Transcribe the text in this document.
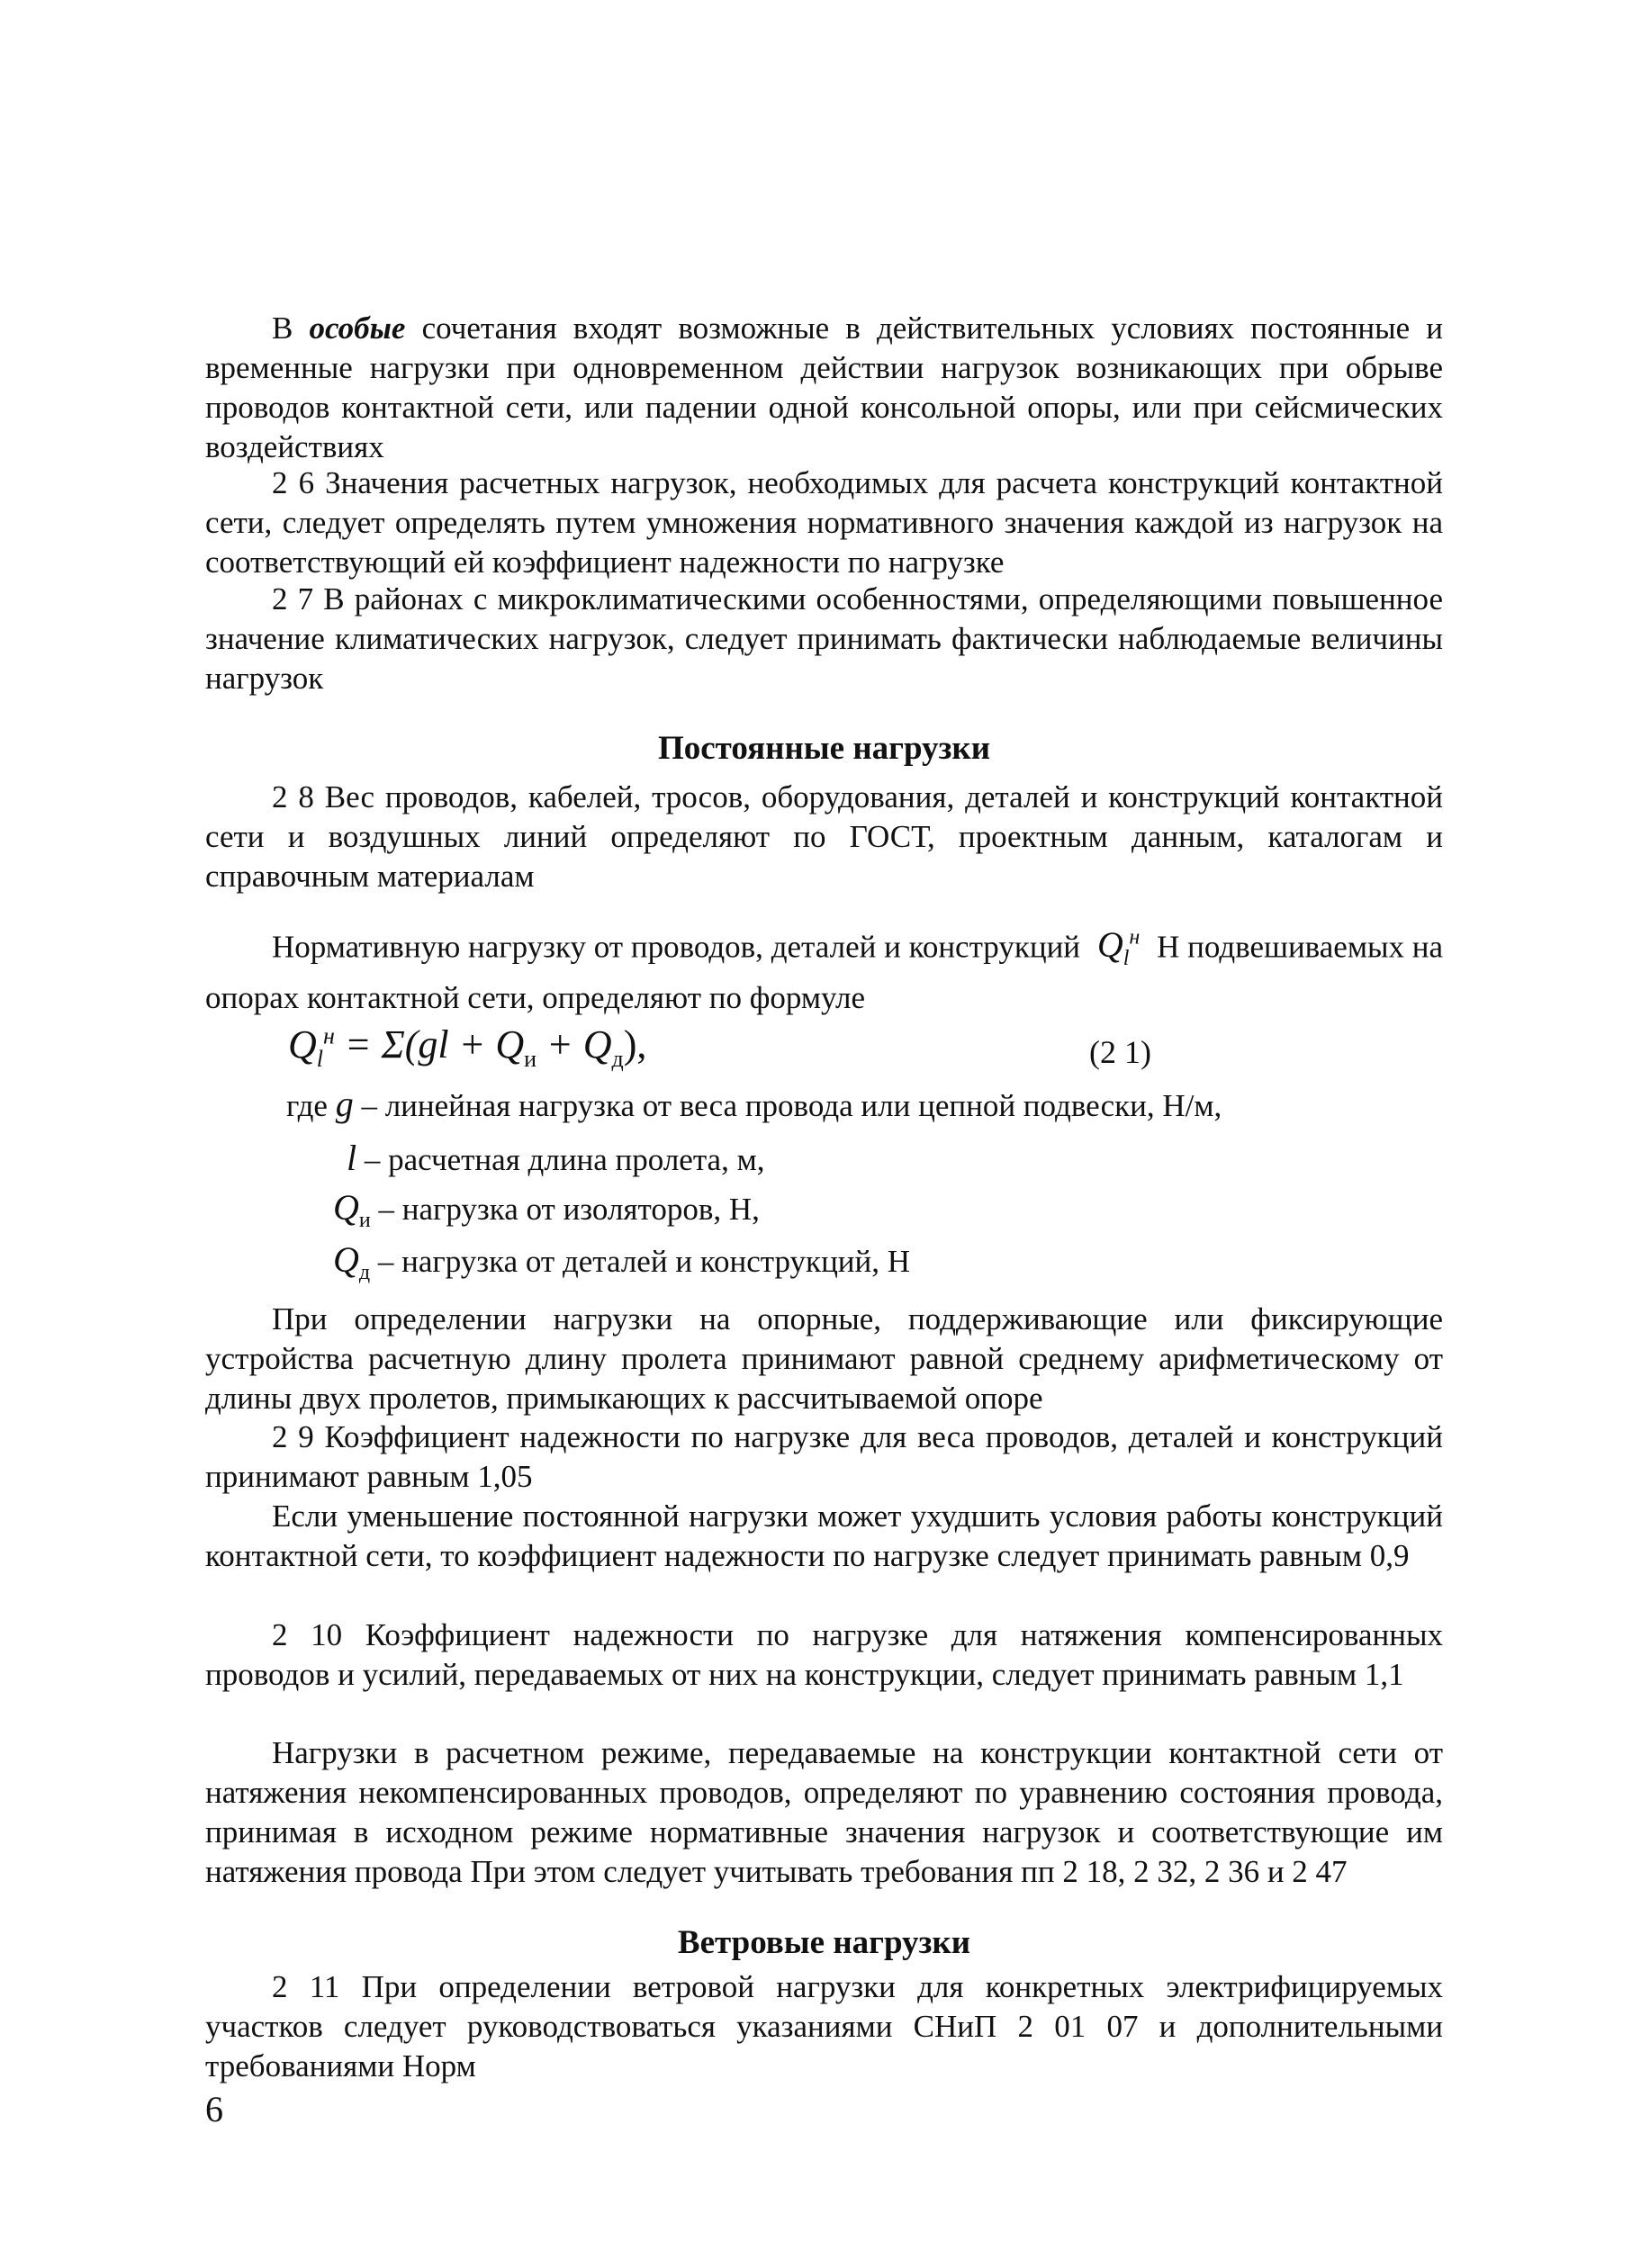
В особые сочетания входят возможные в действительных условиях постоянные и временные нагрузки при одновременном действии нагрузок возникающих при обрыве проводов контактной сети, или падении одной консольной опоры, или при сейсмических воздействиях

2 6 Значения расчетных нагрузок, необходимых для расчета конструкций контактной сети, следует определять путем умножения нормативного значения каждой из нагрузок на соответствующий ей коэффициент надежности по нагрузке

2 7 В районах с микроклиматическими особенностями, определяющими повышенное значение климатических нагрузок, следует принимать фактически наблюдаемые величины нагрузок

Постоянные нагрузки

2 8 Вес проводов, кабелей, тросов, оборудования, деталей и конструкций контактной сети и воздушных линий определяют по ГОСТ, проектным данным, каталогам и справочным материалам

Нормативную нагрузку от проводов, деталей и конструкций  $Q_l^н$ Н подвешиваемых на опорах контактной сети, определяют по формуле
$Q_l^н = \Sigma(gl + Q_и + Q_д)$,	(2 1)
где g – линейная нагрузка от веса провода или цепной подвески, Н/м,
l – расчетная длина пролета, м,
$Q_и$ – нагрузка от изоляторов, Н,
$Q_д$ – нагрузка от деталей и конструкций, Н

При определении нагрузки на опорные, поддерживающие или фиксирующие устройства расчетную длину пролета принимают равной среднему арифметическому от длины двух пролетов, примыкающих к рассчитываемой опоре

2 9 Коэффициент надежности по нагрузке для веса проводов, деталей и конструкций принимают равным 1,05

Если уменьшение постоянной нагрузки может ухудшить условия работы конструкций контактной сети, то коэффициент надежности по нагрузке следует принимать равным 0,9

2 10 Коэффициент надежности по нагрузке для натяжения компенсированных проводов и усилий, передаваемых от них на конструкции, следует принимать равным 1,1

Нагрузки в расчетном режиме, передаваемые на конструкции контактной сети от натяжения некомпенсированных проводов, определяют по уравнению состояния провода, принимая в исходном режиме нормативные значения нагрузок и соответствующие им натяжения провода При этом следует учитывать требования пп 2 18, 2 32, 2 36 и 2 47

Ветровые нагрузки

2 11 При определении ветровой нагрузки для конкретных электрифицируемых участков следует руководствоваться указаниями СНиП 2 01 07 и дополнительными требованиями Норм

6
